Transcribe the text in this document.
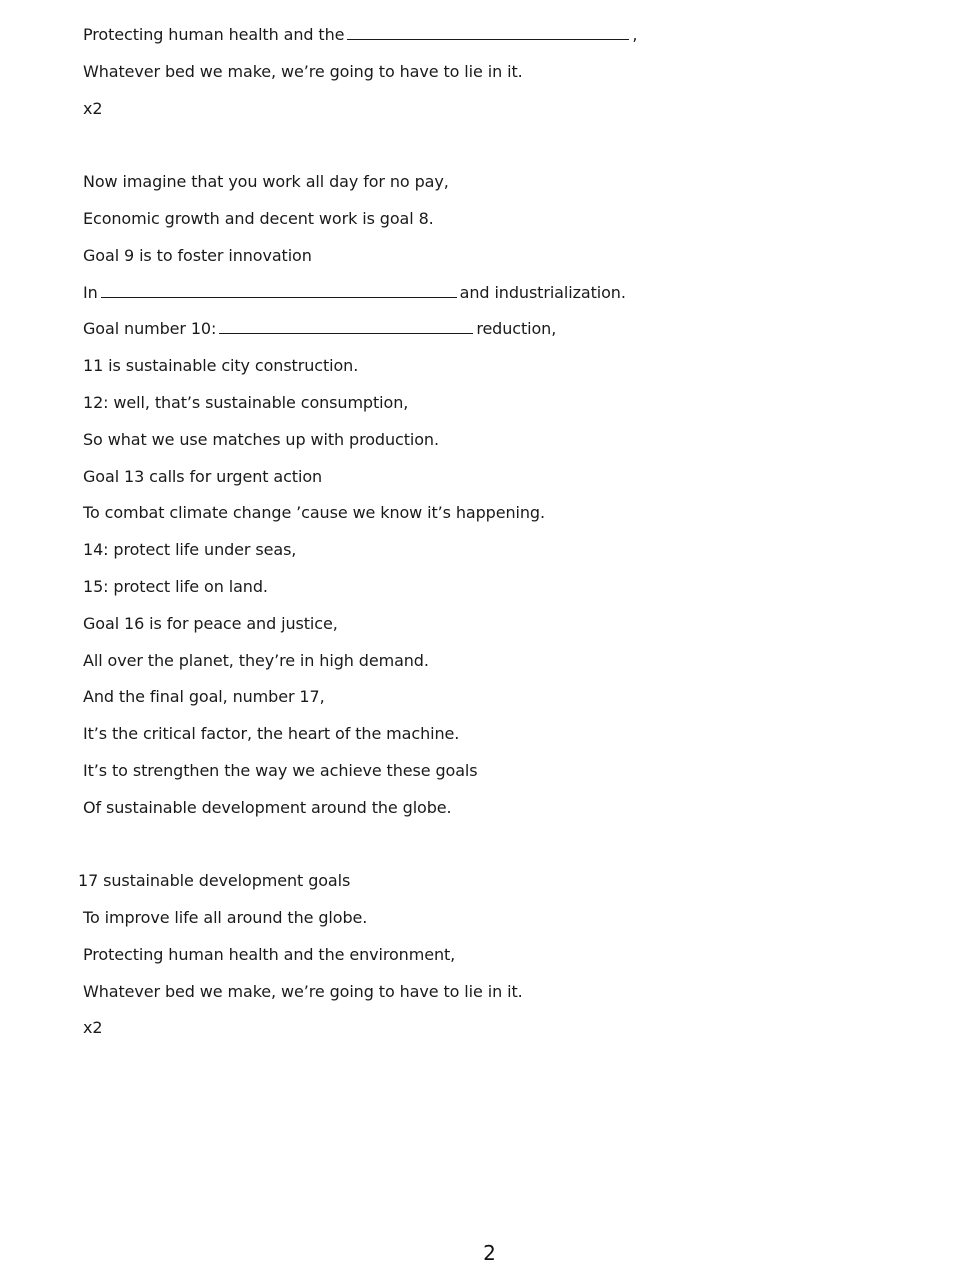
Protecting human health and the	,
Whatever bed we make, we’re going to have to lie in it.
x2
Now imagine that you work all day for no pay,
Economic growth and decent work is goal 8.
Goal 9 is to foster innovation
In	and industrialization.
Goal number 10:	reduction,
11 is sustainable city construction.
12: well, that’s sustainable consumption,
So what we use matches up with production.
Goal 13 calls for urgent action
To combat climate change ’cause we know it’s happening.
14: protect life under seas,
15: protect life on land.
Goal 16 is for peace and justice,
All over the planet, they’re in high demand.
And the final goal, number 17,
It’s the critical factor, the heart of the machine.
It’s to strengthen the way we achieve these goals
Of sustainable development around the globe.
17 sustainable development goals
To improve life all around the globe.
Protecting human health and the environment,
Whatever bed we make, we’re going to have to lie in it.
x2
2
